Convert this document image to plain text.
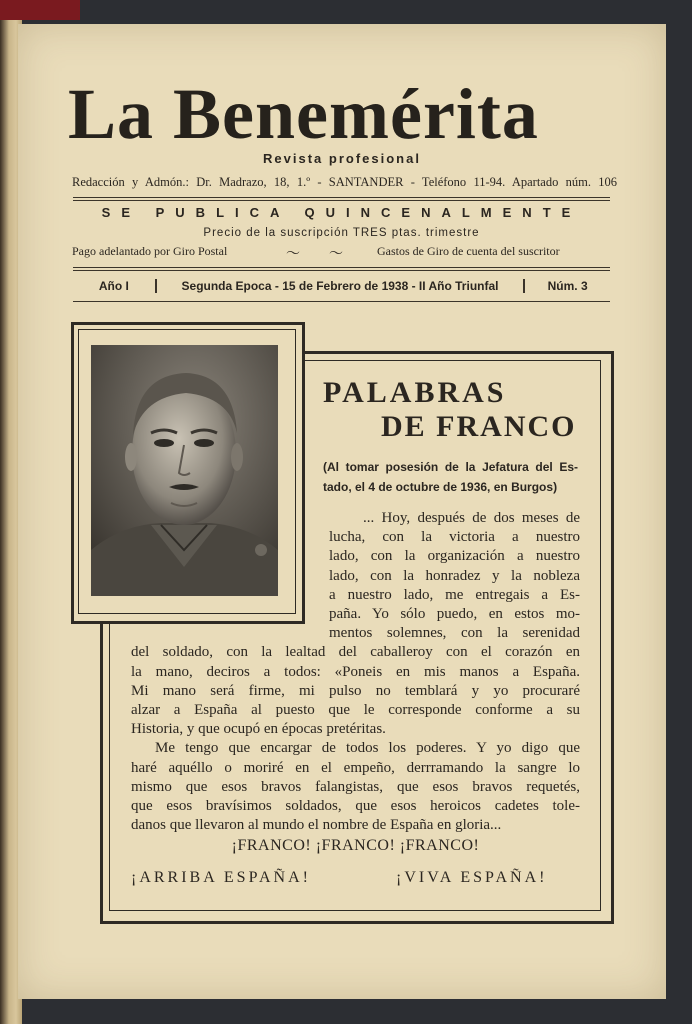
La Benemérita

Revista profesional

Redacción y Admón.: Dr. Madrazo, 18, 1.º - SANTANDER - Teléfono 11-94. Apartado núm. 106

SE PUBLICA QUINCENALMENTE

Precio de la suscripción TRES ptas. trimestre

Pago adelantado por Giro Postal	〜 〜	Gastos de Giro de cuenta del suscritor

Año I	Segunda Epoca - 15 de Febrero de 1938 - II Año Triunfal	Núm. 3
PALABRAS
DE FRANCO

(Al tomar posesión de la Jefatura del Es-

tado, el 4 de octubre de 1936, en Burgos)

... Hoy, después de dos meses de
lucha, con la victoria a nuestro
lado, con la organización a nuestro
lado, con la honradez y la nobleza
a nuestro lado, me entregais a Es-
paña. Yo sólo puedo, en estos mo-
mentos solemnes, con la serenidad
del soldado, con la lealtad del caballeroy con el corazón en
la mano, deciros a todos: «Poneis en mis manos a España.
Mi mano será firme, mi pulso no temblará y yo procuraré
alzar a España al puesto que le corresponde conforme a su
Historia, y que ocupó en épocas pretéritas.
Me tengo que encargar de todos los poderes. Y yo digo que
haré aquéllo o moriré en el empeño, derrramando la sangre lo
mismo que esos bravos falangistas, que esos bravos requetés,
que esos bravísimos soldados, que esos heroicos cadetes tole-
danos que llevaron al mundo el nombre de España en gloria...

¡FRANCO! ¡FRANCO! ¡FRANCO!

¡ARRIBA ESPAÑA!	¡VIVA ESPAÑA!
